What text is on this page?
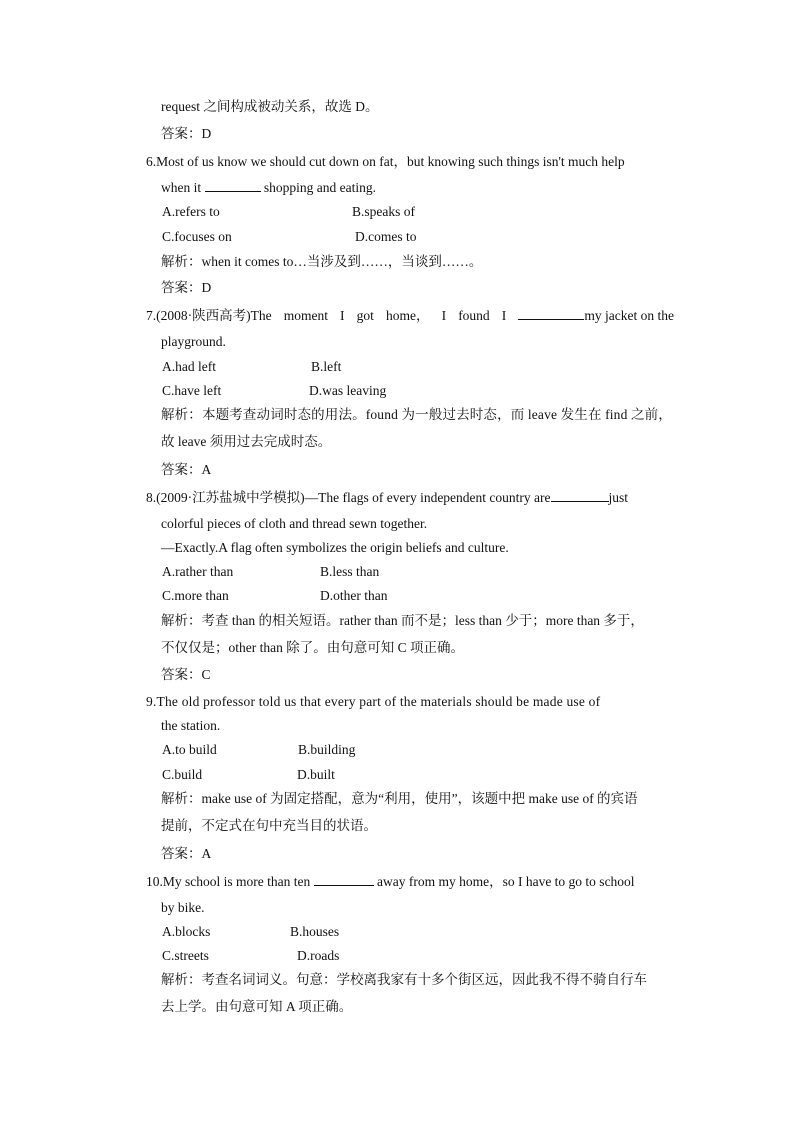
request 之间构成被动关系，故选 D。
答案：D
6.Most of us know we should cut down on fat，but knowing such things isn't much help
when it	shopping and eating.
A.refers to	B.speaks of
C.focuses on	D.comes to
解析：when it comes to…当涉及到……，当谈到……。
答案：D
7.(2008·陕西高考)The moment I got home， I found I	my jacket on the
playground.
A.had left	B.left
C.have left	D.was leaving
解析：本题考查动词时态的用法。found 为一般过去时态，而 leave 发生在 find 之前，
故 leave 须用过去完成时态。
答案：A
8.(2009·江苏盐城中学模拟)—The flags of every independent country are	just
colorful pieces of cloth and thread sewn together.
—Exactly.A flag often symbolizes the origin beliefs and culture.
A.rather than	B.less than
C.more than	D.other than
解析：考查 than 的相关短语。rather than 而不是；less than 少于；more than 多于，
不仅仅是；other than 除了。由句意可知 C 项正确。
答案：C
9.The old professor told us that every part of the materials should be made use of
the station.
A.to build	B.building
C.build	D.built
解析：make use of 为固定搭配，意为“利用，使用”，该题中把 make use of 的宾语
提前，不定式在句中充当目的状语。
答案：A
10.My school is more than ten	away from my home，so I have to go to school
by bike.
A.blocks	B.houses
C.streets	D.roads
解析：考查名词词义。句意：学校离我家有十多个街区远，因此我不得不骑自行车
去上学。由句意可知 A 项正确。
